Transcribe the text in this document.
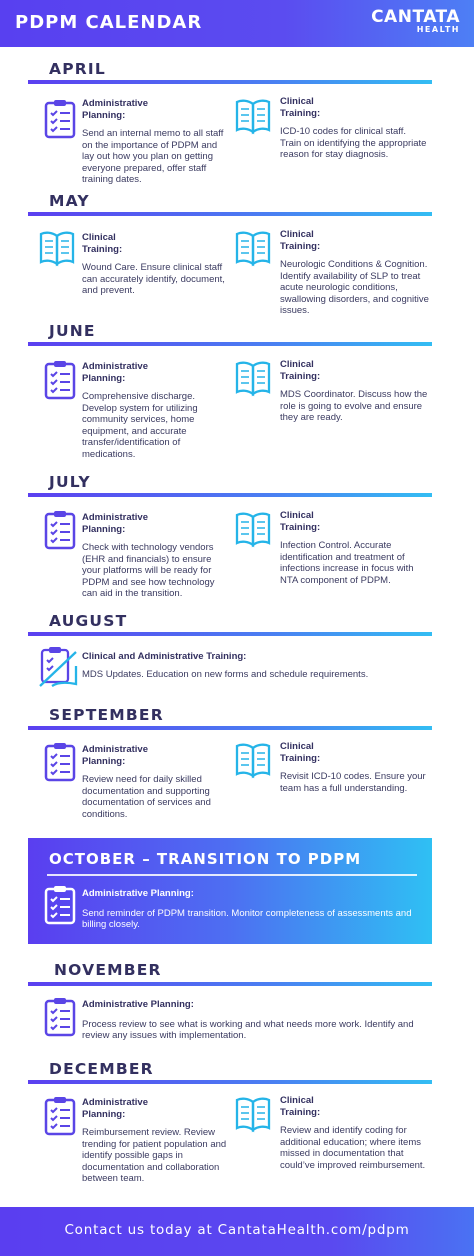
PDPM CALENDAR	CANTATA
HEALTH
APRIL
Administrative Planning:
Send an internal memo to all staff on the importance of PDPM and lay out how you plan on getting everyone prepared, offer staff training dates.
Clinical Training:
ICD-10 codes for clinical staff. Train on identifying the appropriate reason for stay diagnosis.
MAY
Clinical Training:
Wound Care. Ensure clinical staff can accurately identify, document, and prevent.
Clinical Training:
Neurologic Conditions & Cognition. Identify availability of SLP to treat acute neurologic conditions, swallowing disorders, and cognitive issues.
JUNE
Administrative Planning:
Comprehensive discharge. Develop system for utilizing community services, home equipment, and accurate transfer/identification of medications.
Clinical Training:
MDS Coordinator. Discuss how the role is going to evolve and ensure they are ready.
JULY
Administrative Planning:
Check with technology vendors (EHR and financials) to ensure your platforms will be ready for PDPM and see how technology can aid in the transition.
Clinical Training:
Infection Control. Accurate identification and treatment of infections increase in focus with NTA component of PDPM.
AUGUST
Clinical and Administrative Training:
MDS Updates. Education on new forms and schedule requirements.
SEPTEMBER
Administrative Planning:
Review need for daily skilled documentation and supporting documentation of services and conditions.
Clinical Training:
Revisit ICD-10 codes. Ensure your team has a full understanding.
OCTOBER – TRANSITION TO PDPM
Administrative Planning:
Send reminder of PDPM transition. Monitor completeness of assessments and billing closely.
NOVEMBER
Administrative Planning:
Process review to see what is working and what needs more work. Identify and review any issues with implementation.
DECEMBER
Administrative Planning:
Reimbursement review. Review trending for patient population and identify possible gaps in documentation and collaboration between team.
Clinical Training:
Review and identify coding for additional education; where items missed in documentation that could’ve improved reimbursement.
Contact us today at CantataHealth.com/pdpm
